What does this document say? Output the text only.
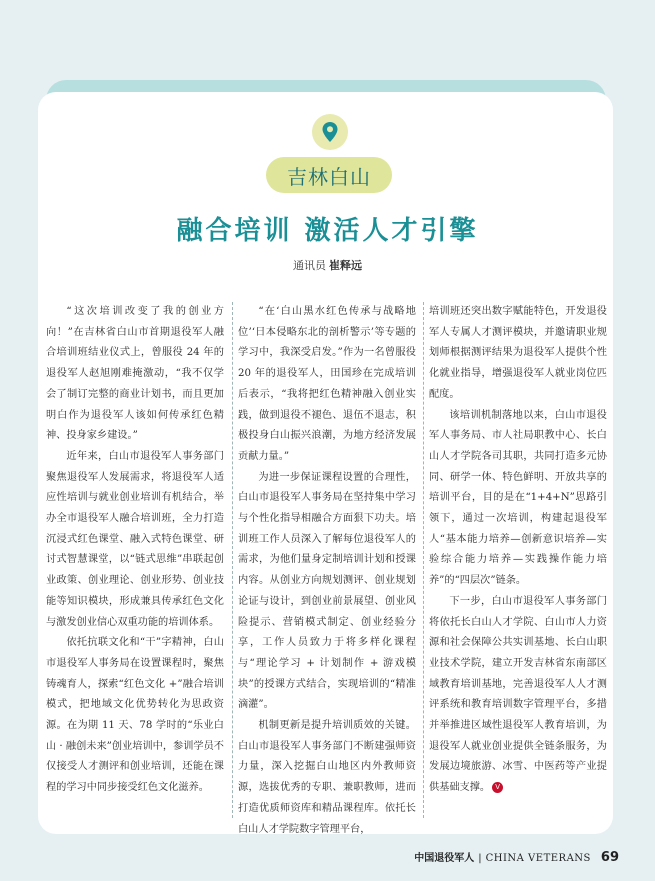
吉林白山
融合培训 激活人才引擎
通讯员 崔释远

“这次培训改变了我的创业方向！”在吉林省白山市首期退役军人融合培训班结业仪式上，曾服役 24 年的退役军人赵旭刚难掩激动，“我不仅学会了制订完整的商业计划书，而且更加明白作为退役军人该如何传承红色精神、投身家乡建设。”

近年来，白山市退役军人事务部门聚焦退役军人发展需求，将退役军人适应性培训与就业创业培训有机结合，举办全市退役军人融合培训班，全力打造沉浸式红色课堂、融入式特色课堂、研讨式智慧课堂，以“链式思维”串联起创业政策、创业理论、创业形势、创业技能等知识模块，形成兼具传承红色文化与激发创业信心双重功能的培训体系。

依托抗联文化和“干”字精神，白山市退役军人事务局在设置课程时，聚焦铸魂育人，探索“红色文化 +”融合培训模式，把地域文化优势转化为思政资源。在为期 11 天、78 学时的“乐业白山 · 融创未来”创业培训中，参训学员不仅接受人才测评和创业培训，还能在课程的学习中同步接受红色文化滋养。

“在‘白山黑水红色传承与战略地位’‘日本侵略东北的剖析警示’等专题的学习中，我深受启发。”作为一名曾服役 20 年的退役军人，田国珍在完成培训后表示，“我将把红色精神融入创业实践，做到退役不褪色、退伍不退志，积极投身白山振兴浪潮，为地方经济发展贡献力量。”

为进一步保证课程设置的合理性，白山市退役军人事务局在坚持集中学习与个性化指导相融合方面狠下功夫。培训班工作人员深入了解每位退役军人的需求，为他们量身定制培训计划和授课内容。从创业方向规划测评、创业规划论证与设计，到创业前景展望、创业风险提示、营销模式制定、创业经验分享，工作人员致力于将多样化课程与“理论学习 + 计划制作 + 游戏模块”的授课方式结合，实现培训的“精准滴灌”。

机制更新是提升培训质效的关键。白山市退役军人事务部门不断建强师资力量，深入挖掘白山地区内外教师资源，选拔优秀的专职、兼职教师，进而打造优质师资库和精品课程库。依托长白山人才学院数字管理平台，

培训班还突出数字赋能特色，开发退役军人专属人才测评模块，并邀请职业规划师根据测评结果为退役军人提供个性化就业指导，增强退役军人就业岗位匹配度。

该培训机制落地以来，白山市退役军人事务局、市人社局职教中心、长白山人才学院各司其职，共同打造多元协同、研学一体、特色鲜明、开放共享的培训平台，目的是在“1+4+N”思路引领下，通过一次培训，构建起退役军人“基本能力培养—创新意识培养—实验综合能力培养—实践操作能力培养”的“四层次”链条。

下一步，白山市退役军人事务部门将依托长白山人才学院、白山市人力资源和社会保障公共实训基地、长白山职业技术学院，建立开发吉林省东南部区域教育培训基地，完善退役军人人才测评系统和教育培训数字管理平台，多措并举推进区域性退役军人教育培训，为退役军人就业创业提供全链条服务，为发展边境旅游、冰雪、中医药等产业提供基础支撑。 V

中国退役军人 | CHINA VETERANS 69
